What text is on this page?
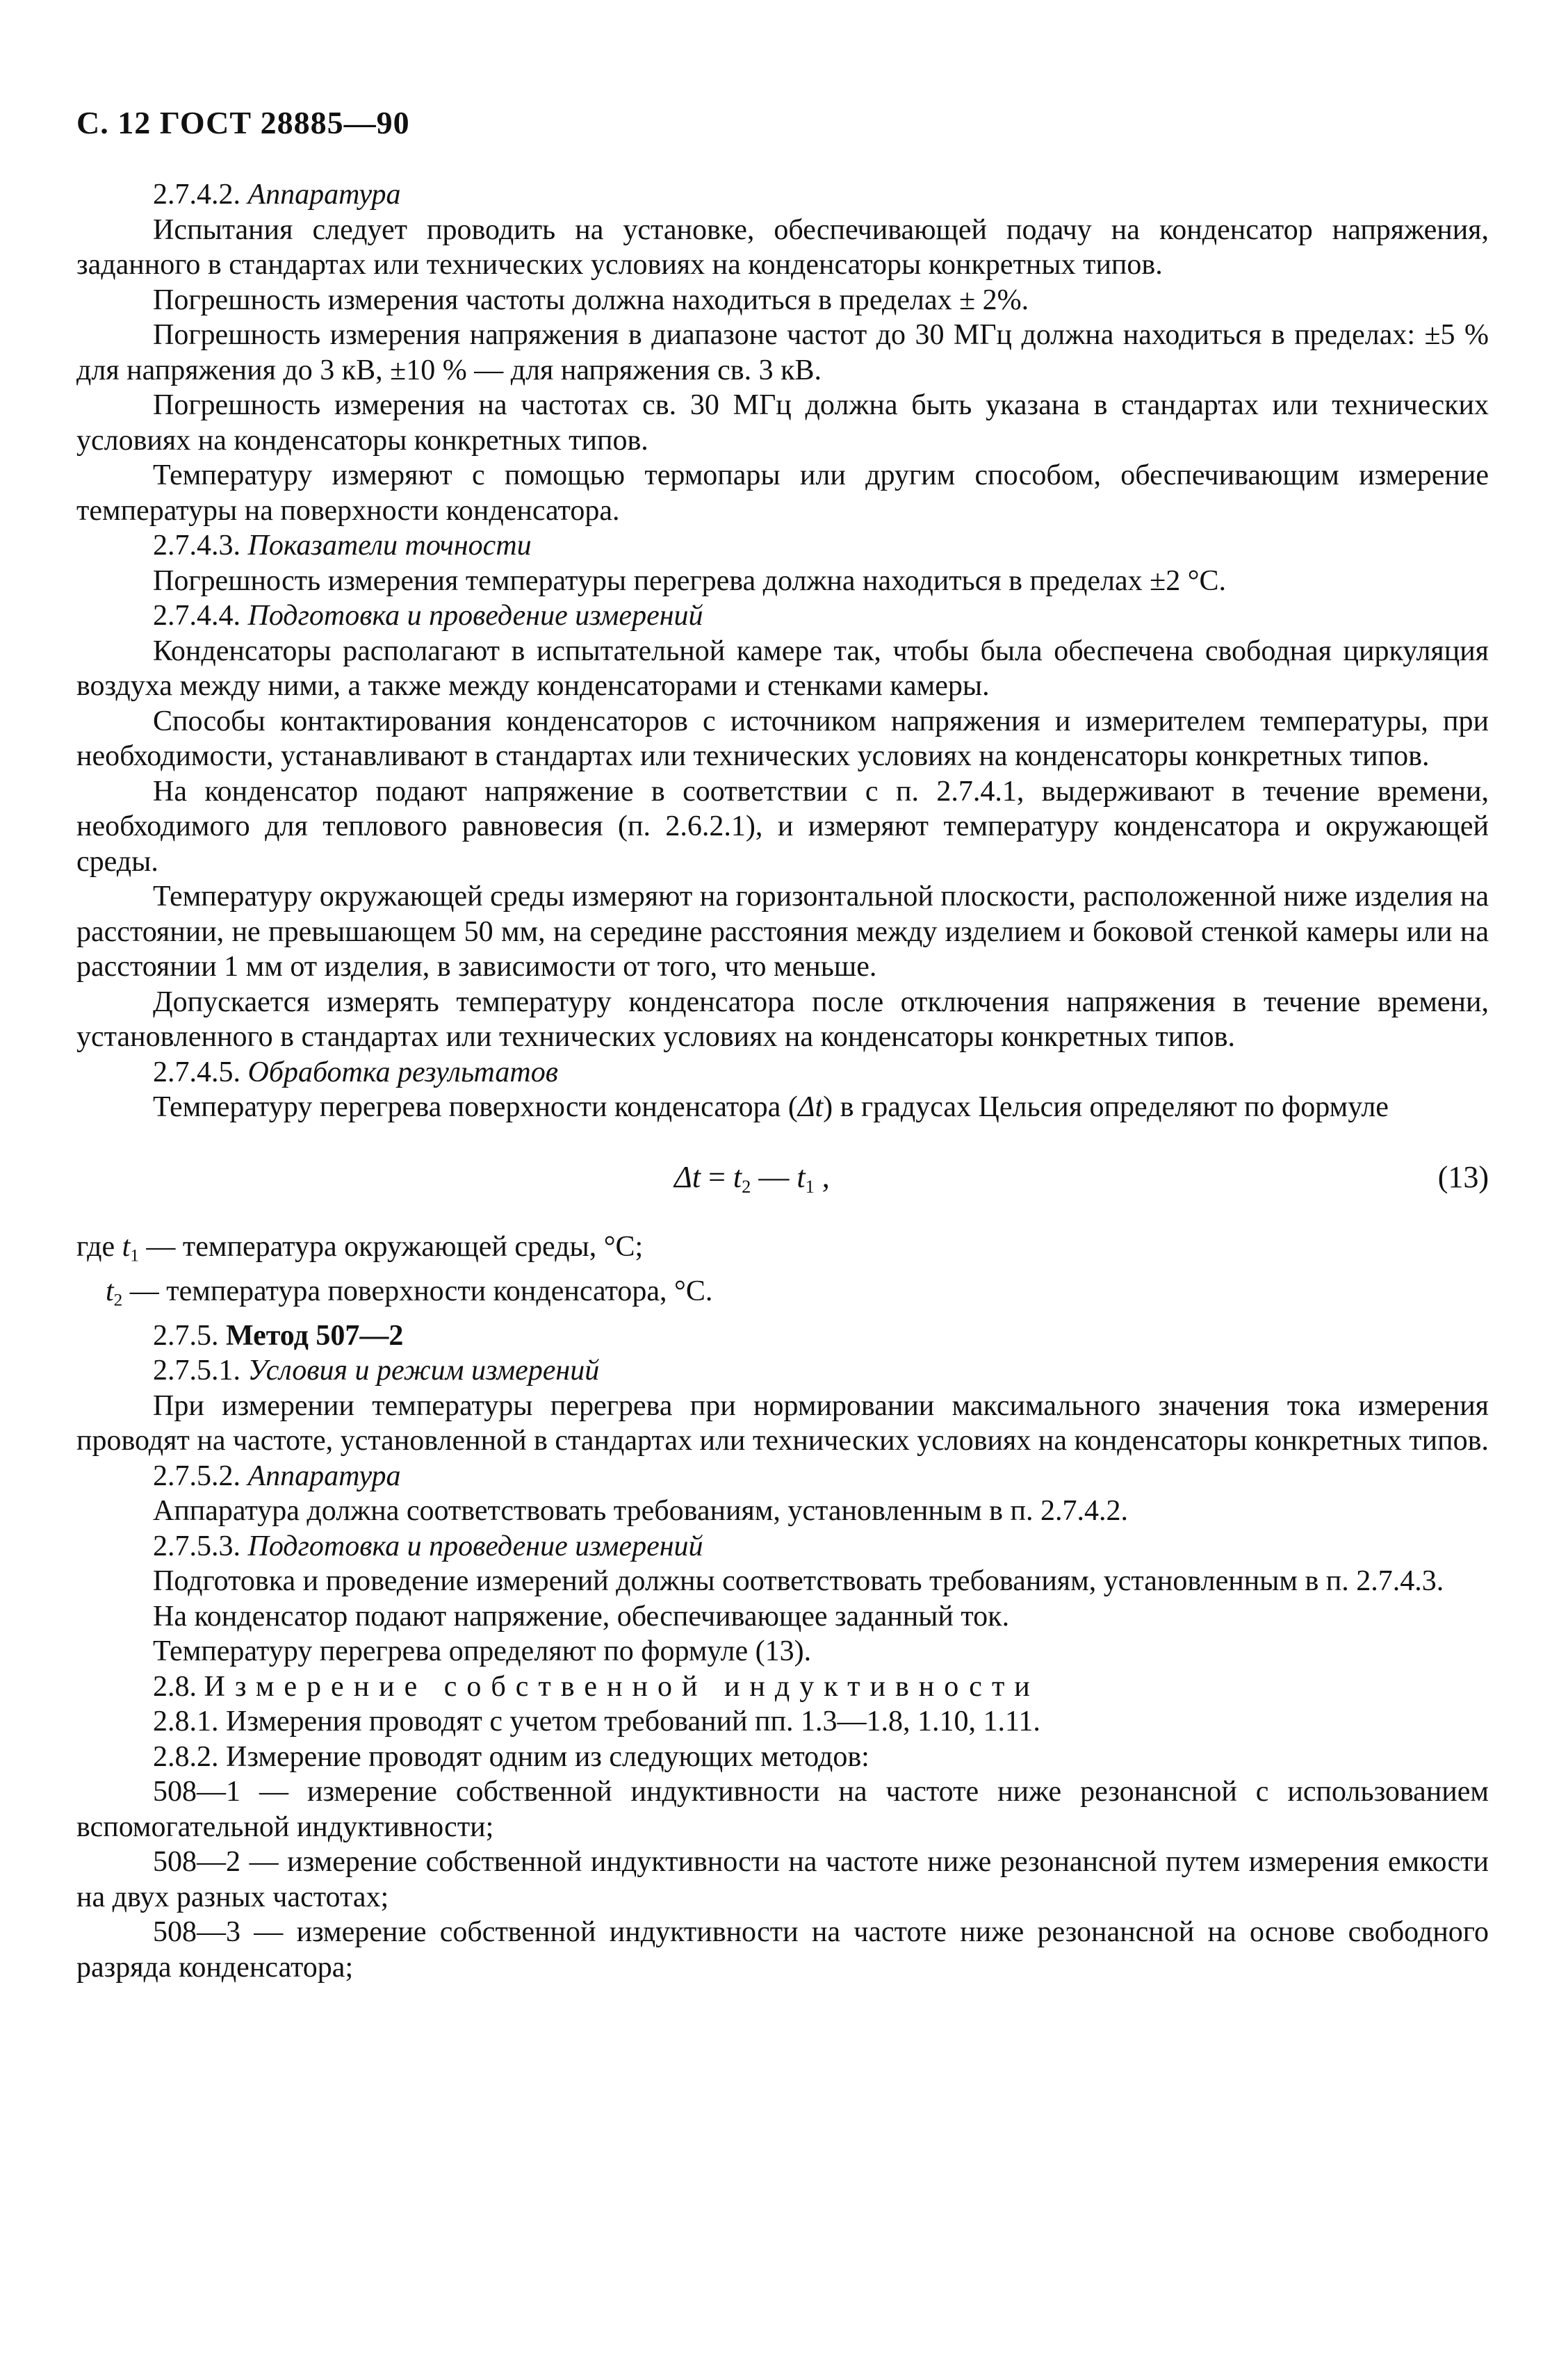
С. 12 ГОСТ 28885—90

2.7.4.2. Аппаратура

Испытания следует проводить на установке, обеспечивающей подачу на конденсатор напряжения, заданного в стандартах или технических условиях на конденсаторы конкретных типов.

Погрешность измерения частоты должна находиться в пределах ± 2%.

Погрешность измерения напряжения в диапазоне частот до 30 МГц должна находиться в пределах: ±5 % для напряжения до 3 кВ, ±10 % — для напряжения св. 3 кВ.

Погрешность измерения на частотах св. 30 МГц должна быть указана в стандартах или технических условиях на конденсаторы конкретных типов.

Температуру измеряют с помощью термопары или другим способом, обеспечивающим измерение температуры на поверхности конденсатора.

2.7.4.3. Показатели точности

Погрешность измерения температуры перегрева должна находиться в пределах ±2 °С.

2.7.4.4. Подготовка и проведение измерений

Конденсаторы располагают в испытательной камере так, чтобы была обеспечена свободная циркуляция воздуха между ними, а также между конденсаторами и стенками камеры.

Способы контактирования конденсаторов с источником напряжения и измерителем температуры, при необходимости, устанавливают в стандартах или технических условиях на конденсаторы конкретных типов.

На конденсатор подают напряжение в соответствии с п. 2.7.4.1, выдерживают в течение времени, необходимого для теплового равновесия (п. 2.6.2.1), и измеряют температуру конденсатора и окружающей среды.

Температуру окружающей среды измеряют на горизонтальной плоскости, расположенной ниже изделия на расстоянии, не превышающем 50 мм, на середине расстояния между изделием и боковой стенкой камеры или на расстоянии 1 мм от изделия, в зависимости от того, что меньше.

Допускается измерять температуру конденсатора после отключения напряжения в течение времени, установленного в стандартах или технических условиях на конденсаторы конкретных типов.

2.7.4.5. Обработка результатов

Температуру перегрева поверхности конденсатора (Δt) в градусах Цельсия определяют по формуле

$\Delta t = t_2$ — $t_1$ ,	(13)

где $t_1$ — температура окружающей среды, °С;

$t_2$ — температура поверхности конденсатора, °С.

2.7.5. Метод 507—2

2.7.5.1. Условия и режим измерений

При измерении температуры перегрева при нормировании максимального значения тока измерения проводят на частоте, установленной в стандартах или технических условиях на конденсаторы конкретных типов.

2.7.5.2. Аппаратура

Аппаратура должна соответствовать требованиям, установленным в п. 2.7.4.2.

2.7.5.3. Подготовка и проведение измерений

Подготовка и проведение измерений должны соответствовать требованиям, установленным в п. 2.7.4.3.

На конденсатор подают напряжение, обеспечивающее заданный ток.

Температуру перегрева определяют по формуле (13).

2.8. Измерение собственной индуктивности

2.8.1. Измерения проводят с учетом требований пп. 1.3—1.8, 1.10, 1.11.

2.8.2. Измерение проводят одним из следующих методов:

508—1 — измерение собственной индуктивности на частоте ниже резонансной с использованием вспомогательной индуктивности;

508—2 — измерение собственной индуктивности на частоте ниже резонансной путем измерения емкости на двух разных частотах;

508—3 — измерение собственной индуктивности на частоте ниже резонансной на основе свободного разряда конденсатора;
